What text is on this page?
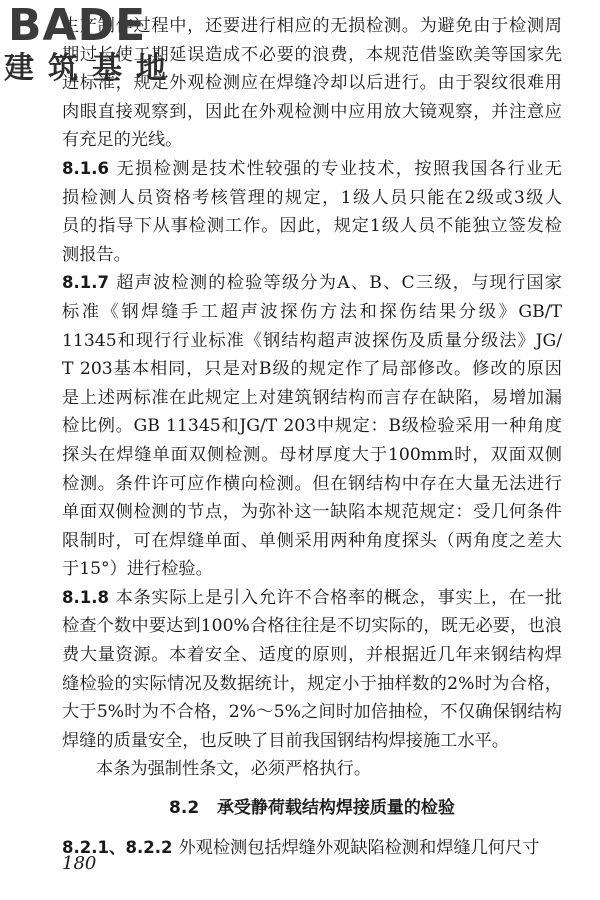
BADE
建筑基地
生产制作过程中，还要进行相应的无损检测。为避免由于检测周
期过长使工期延误造成不必要的浪费，本规范借鉴欧美等国家先
进标准，规定外观检测应在焊缝冷却以后进行。由于裂纹很难用
肉眼直接观察到，因此在外观检测中应用放大镜观察，并注意应
有充足的光线。
8.1.6 无损检测是技术性较强的专业技术，按照我国各行业无
损检测人员资格考核管理的规定，1级人员只能在2级或3级人
员的指导下从事检测工作。因此，规定1级人员不能独立签发检
测报告。
8.1.7 超声波检测的检验等级分为A、B、C三级，与现行国家
标准《钢焊缝手工超声波探伤方法和探伤结果分级》GB/T
11345和现行行业标准《钢结构超声波探伤及质量分级法》JG/
T 203基本相同，只是对B级的规定作了局部修改。修改的原因
是上述两标准在此规定上对建筑钢结构而言存在缺陷，易增加漏
检比例。GB 11345和JG/T 203中规定：B级检验采用一种角度
探头在焊缝单面双侧检测。母材厚度大于100mm时，双面双侧
检测。条件许可应作横向检测。但在钢结构中存在大量无法进行
单面双侧检测的节点，为弥补这一缺陷本规范规定：受几何条件
限制时，可在焊缝单面、单侧采用两种角度探头（两角度之差大
于15°）进行检验。
8.1.8 本条实际上是引入允许不合格率的概念，事实上，在一批
检查个数中要达到100%合格往往是不切实际的，既无必要，也浪
费大量资源。本着安全、适度的原则，并根据近几年来钢结构焊
缝检验的实际情况及数据统计，规定小于抽样数的2%时为合格，
大于5%时为不合格，2%～5%之间时加倍抽检，不仅确保钢结构
焊缝的质量安全，也反映了目前我国钢结构焊接施工水平。
本条为强制性条文，必须严格执行。
8.2 承受静荷载结构焊接质量的检验
8.2.1、8.2.2 外观检测包括焊缝外观缺陷检测和焊缝几何尺寸
180
